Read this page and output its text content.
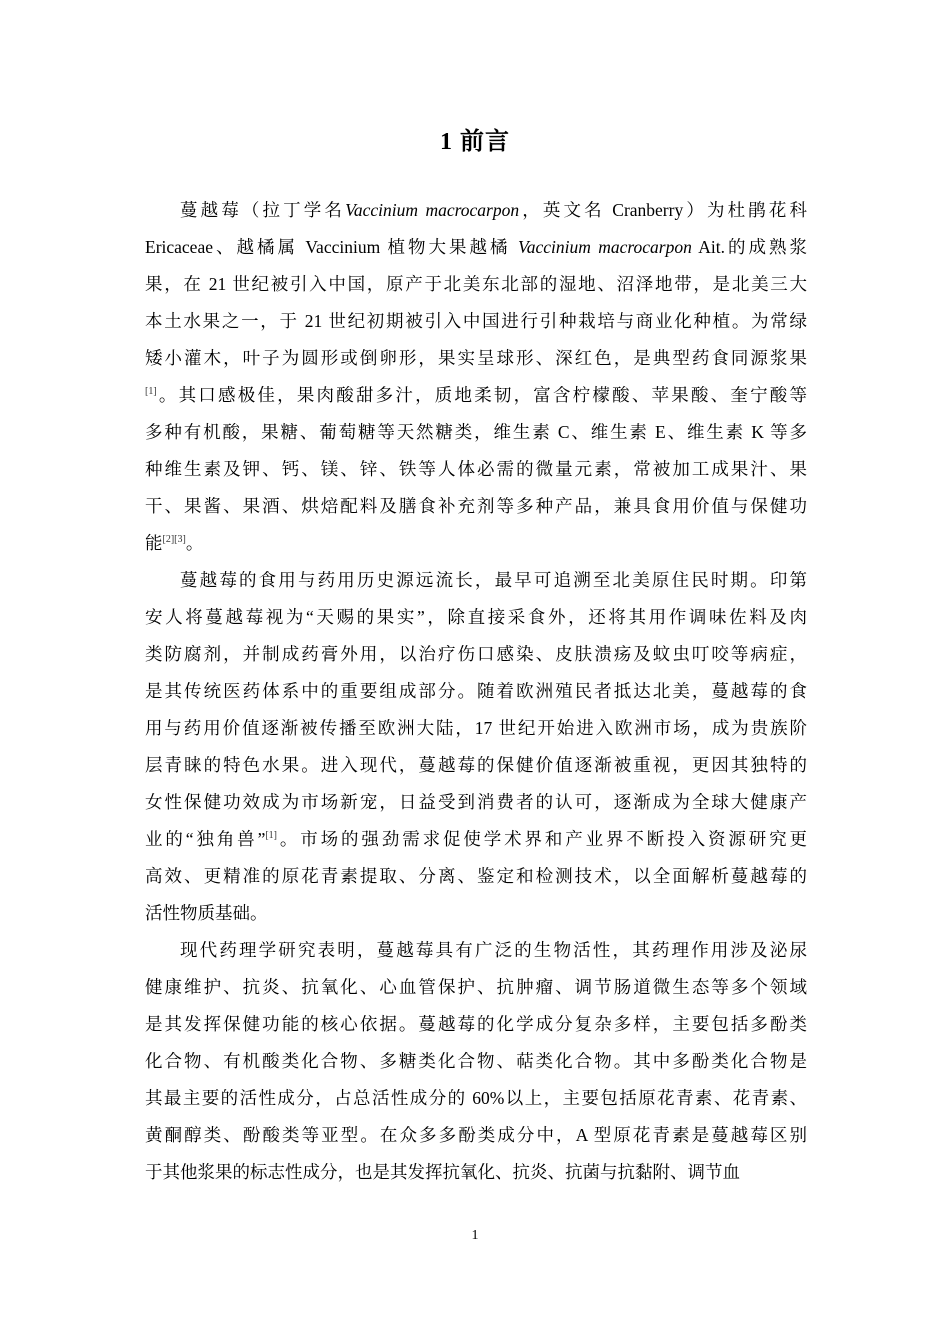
1 前言
蔓越莓（拉丁学名Vaccinium macrocarpon，英文名 Cranberry）为杜鹃花科
Ericaceae、越橘属 Vaccinium 植物大果越橘 Vaccinium macrocarpon Ait.的成熟浆
果，在 21 世纪被引入中国，原产于北美东北部的湿地、沼泽地带，是北美三大
本土水果之一，于 21 世纪初期被引入中国进行引种栽培与商业化种植。为常绿
矮小灌木，叶子为圆形或倒卵形，果实呈球形、深红色，是典型药食同源浆果
[1]。其口感极佳，果肉酸甜多汁，质地柔韧，富含柠檬酸、苹果酸、奎宁酸等
多种有机酸，果糖、葡萄糖等天然糖类，维生素 C、维生素 E、维生素 K 等多
种维生素及钾、钙、镁、锌、铁等人体必需的微量元素，常被加工成果汁、果
干、果酱、果酒、烘焙配料及膳食补充剂等多种产品，兼具食用价值与保健功
能[2][3]。
蔓越莓的食用与药用历史源远流长，最早可追溯至北美原住民时期。印第
安人将蔓越莓视为“天赐的果实”，除直接采食外，还将其用作调味佐料及肉
类防腐剂，并制成药膏外用，以治疗伤口感染、皮肤溃疡及蚊虫叮咬等病症，
是其传统医药体系中的重要组成部分。随着欧洲殖民者抵达北美，蔓越莓的食
用与药用价值逐渐被传播至欧洲大陆，17 世纪开始进入欧洲市场，成为贵族阶
层青睐的特色水果。进入现代，蔓越莓的保健价值逐渐被重视，更因其独特的
女性保健功效成为市场新宠，日益受到消费者的认可，逐渐成为全球大健康产
业的“独角兽”[1]。市场的强劲需求促使学术界和产业界不断投入资源研究更
高效、更精准的原花青素提取、分离、鉴定和检测技术，以全面解析蔓越莓的
活性物质基础。
现代药理学研究表明，蔓越莓具有广泛的生物活性，其药理作用涉及泌尿
健康维护、抗炎、抗氧化、心血管保护、抗肿瘤、调节肠道微生态等多个领域
是其发挥保健功能的核心依据。蔓越莓的化学成分复杂多样，主要包括多酚类
化合物、有机酸类化合物、多糖类化合物、萜类化合物。其中多酚类化合物是
其最主要的活性成分，占总活性成分的 60%以上，主要包括原花青素、花青素、
黄酮醇类、酚酸类等亚型。在众多多酚类成分中，A 型原花青素是蔓越莓区别
于其他浆果的标志性成分，也是其发挥抗氧化、抗炎、抗菌与抗黏附、调节血
1
